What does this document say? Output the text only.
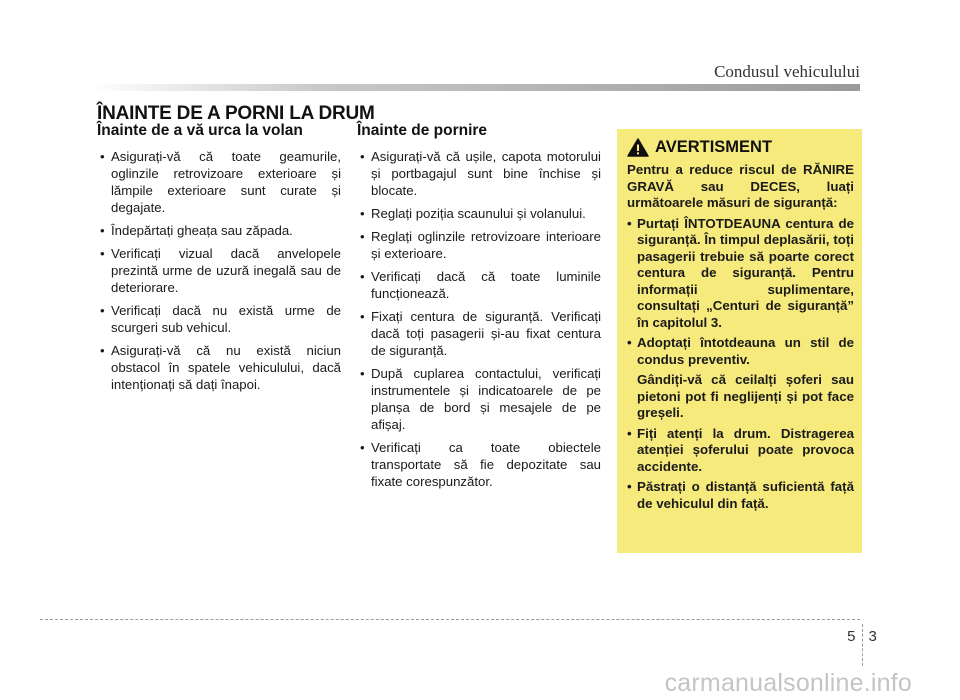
Condusul vehiculului
ÎNAINTE DE A PORNI LA DRUM
Înainte de a vă urca la volan
• Asigurați-vă că toate geamurile, oglinzile retrovizoare exterioare și lămpile exterioare sunt curate și degajate.
• Îndepărtați gheața sau zăpada.
• Verificați vizual dacă anvelopele prezintă urme de uzură inegală sau de deteriorare.
• Verificați dacă nu există urme de scurgeri sub vehicul.
• Asigurați-vă că nu există niciun obstacol în spatele vehiculului, dacă intenționați să dați înapoi.
Înainte de pornire
• Asigurați-vă că ușile, capota motorului și portbagajul sunt bine închise și blocate.
• Reglați poziția scaunului și volanului.
• Reglați oglinzile retrovizoare interioare și exterioare.
• Verificați dacă că toate luminile funcționează.
• Fixați centura de siguranță. Verificați dacă toți pasagerii și-au fixat centura de siguranță.
• După cuplarea contactului, verificați instrumentele și indicatoarele de pe planșa de bord și mesajele de pe afișaj.
• Verificați ca toate obiectele transportate să fie depozitate sau fixate corespunzător.
AVERTISMENT

Pentru a reduce riscul de RĂNIRE GRAVĂ sau DECES, luați următoarele măsuri de siguranță:

• Purtați ÎNTOTDEAUNA centura de siguranță. În timpul deplasării, toți pasagerii trebuie să poarte corect centura de siguranță. Pentru informații suplimentare, consultați „Centuri de siguranță” în capitolul 3.
• Adoptați întotdeauna un stil de condus preventiv.

Gândiți-vă că ceilalți șoferi sau pietoni pot fi neglijenți și pot face greșeli.

• Fiți atenți la drum. Distragerea atenției șoferului poate provoca accidente.
• Păstrați o distanță suficientă față de vehiculul din față.
5 3
carmanualsonline.info
